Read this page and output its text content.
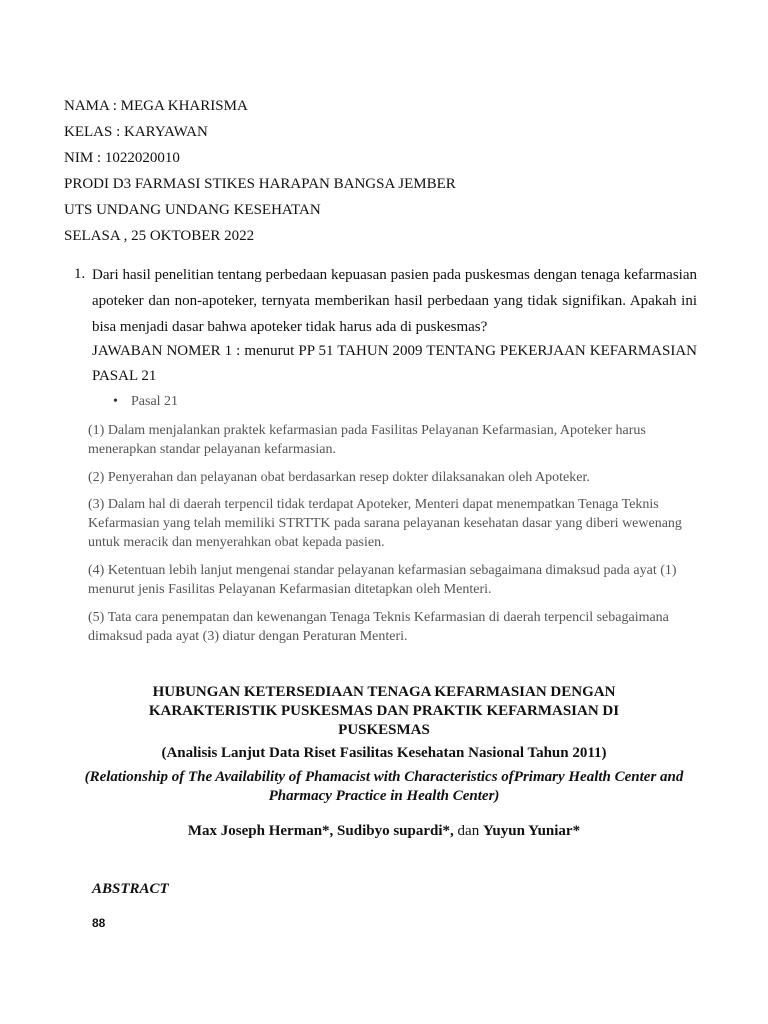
NAMA : MEGA KHARISMA
KELAS : KARYAWAN
NIM : 1022020010
PRODI D3 FARMASI STIKES HARAPAN BANGSA JEMBER
UTS UNDANG UNDANG KESEHATAN
SELASA , 25 OKTOBER 2022
1. Dari hasil penelitian tentang perbedaan kepuasan pasien pada puskesmas dengan tenaga kefarmasian apoteker dan non-apoteker, ternyata memberikan hasil perbedaan yang tidak signifikan. Apakah ini bisa menjadi dasar bahwa apoteker tidak harus ada di puskesmas?
JAWABAN NOMER 1 : menurut PP 51 TAHUN 2009 TENTANG PEKERJAAN KEFARMASIAN PASAL 21
• Pasal 21
(1) Dalam menjalankan praktek kefarmasian pada Fasilitas Pelayanan Kefarmasian, Apoteker harus menerapkan standar pelayanan kefarmasian.
(2) Penyerahan dan pelayanan obat berdasarkan resep dokter dilaksanakan oleh Apoteker.
(3) Dalam hal di daerah terpencil tidak terdapat Apoteker, Menteri dapat menempatkan Tenaga Teknis Kefarmasian yang telah memiliki STRTTK pada sarana pelayanan kesehatan dasar yang diberi wewenang untuk meracik dan menyerahkan obat kepada pasien.
(4) Ketentuan lebih lanjut mengenai standar pelayanan kefarmasian sebagaimana dimaksud pada ayat (1) menurut jenis Fasilitas Pelayanan Kefarmasian ditetapkan oleh Menteri.
(5) Tata cara penempatan dan kewenangan Tenaga Teknis Kefarmasian di daerah terpencil sebagaimana dimaksud pada ayat (3) diatur dengan Peraturan Menteri.
HUBUNGAN KETERSEDIAAN TENAGA KEFARMASIAN DENGAN KARAKTERISTIK PUSKESMAS DAN PRAKTIK KEFARMASIAN DI PUSKESMAS
(Analisis Lanjut Data Riset Fasilitas Kesehatan Nasional Tahun 2011)
(Relationship of The Availability of Phamacist with Characteristics ofPrimary Health Center and Pharmacy Practice in Health Center)
Max Joseph Herman*, Sudibyo supardi*, dan Yuyun Yuniar*
ABSTRACT
88
